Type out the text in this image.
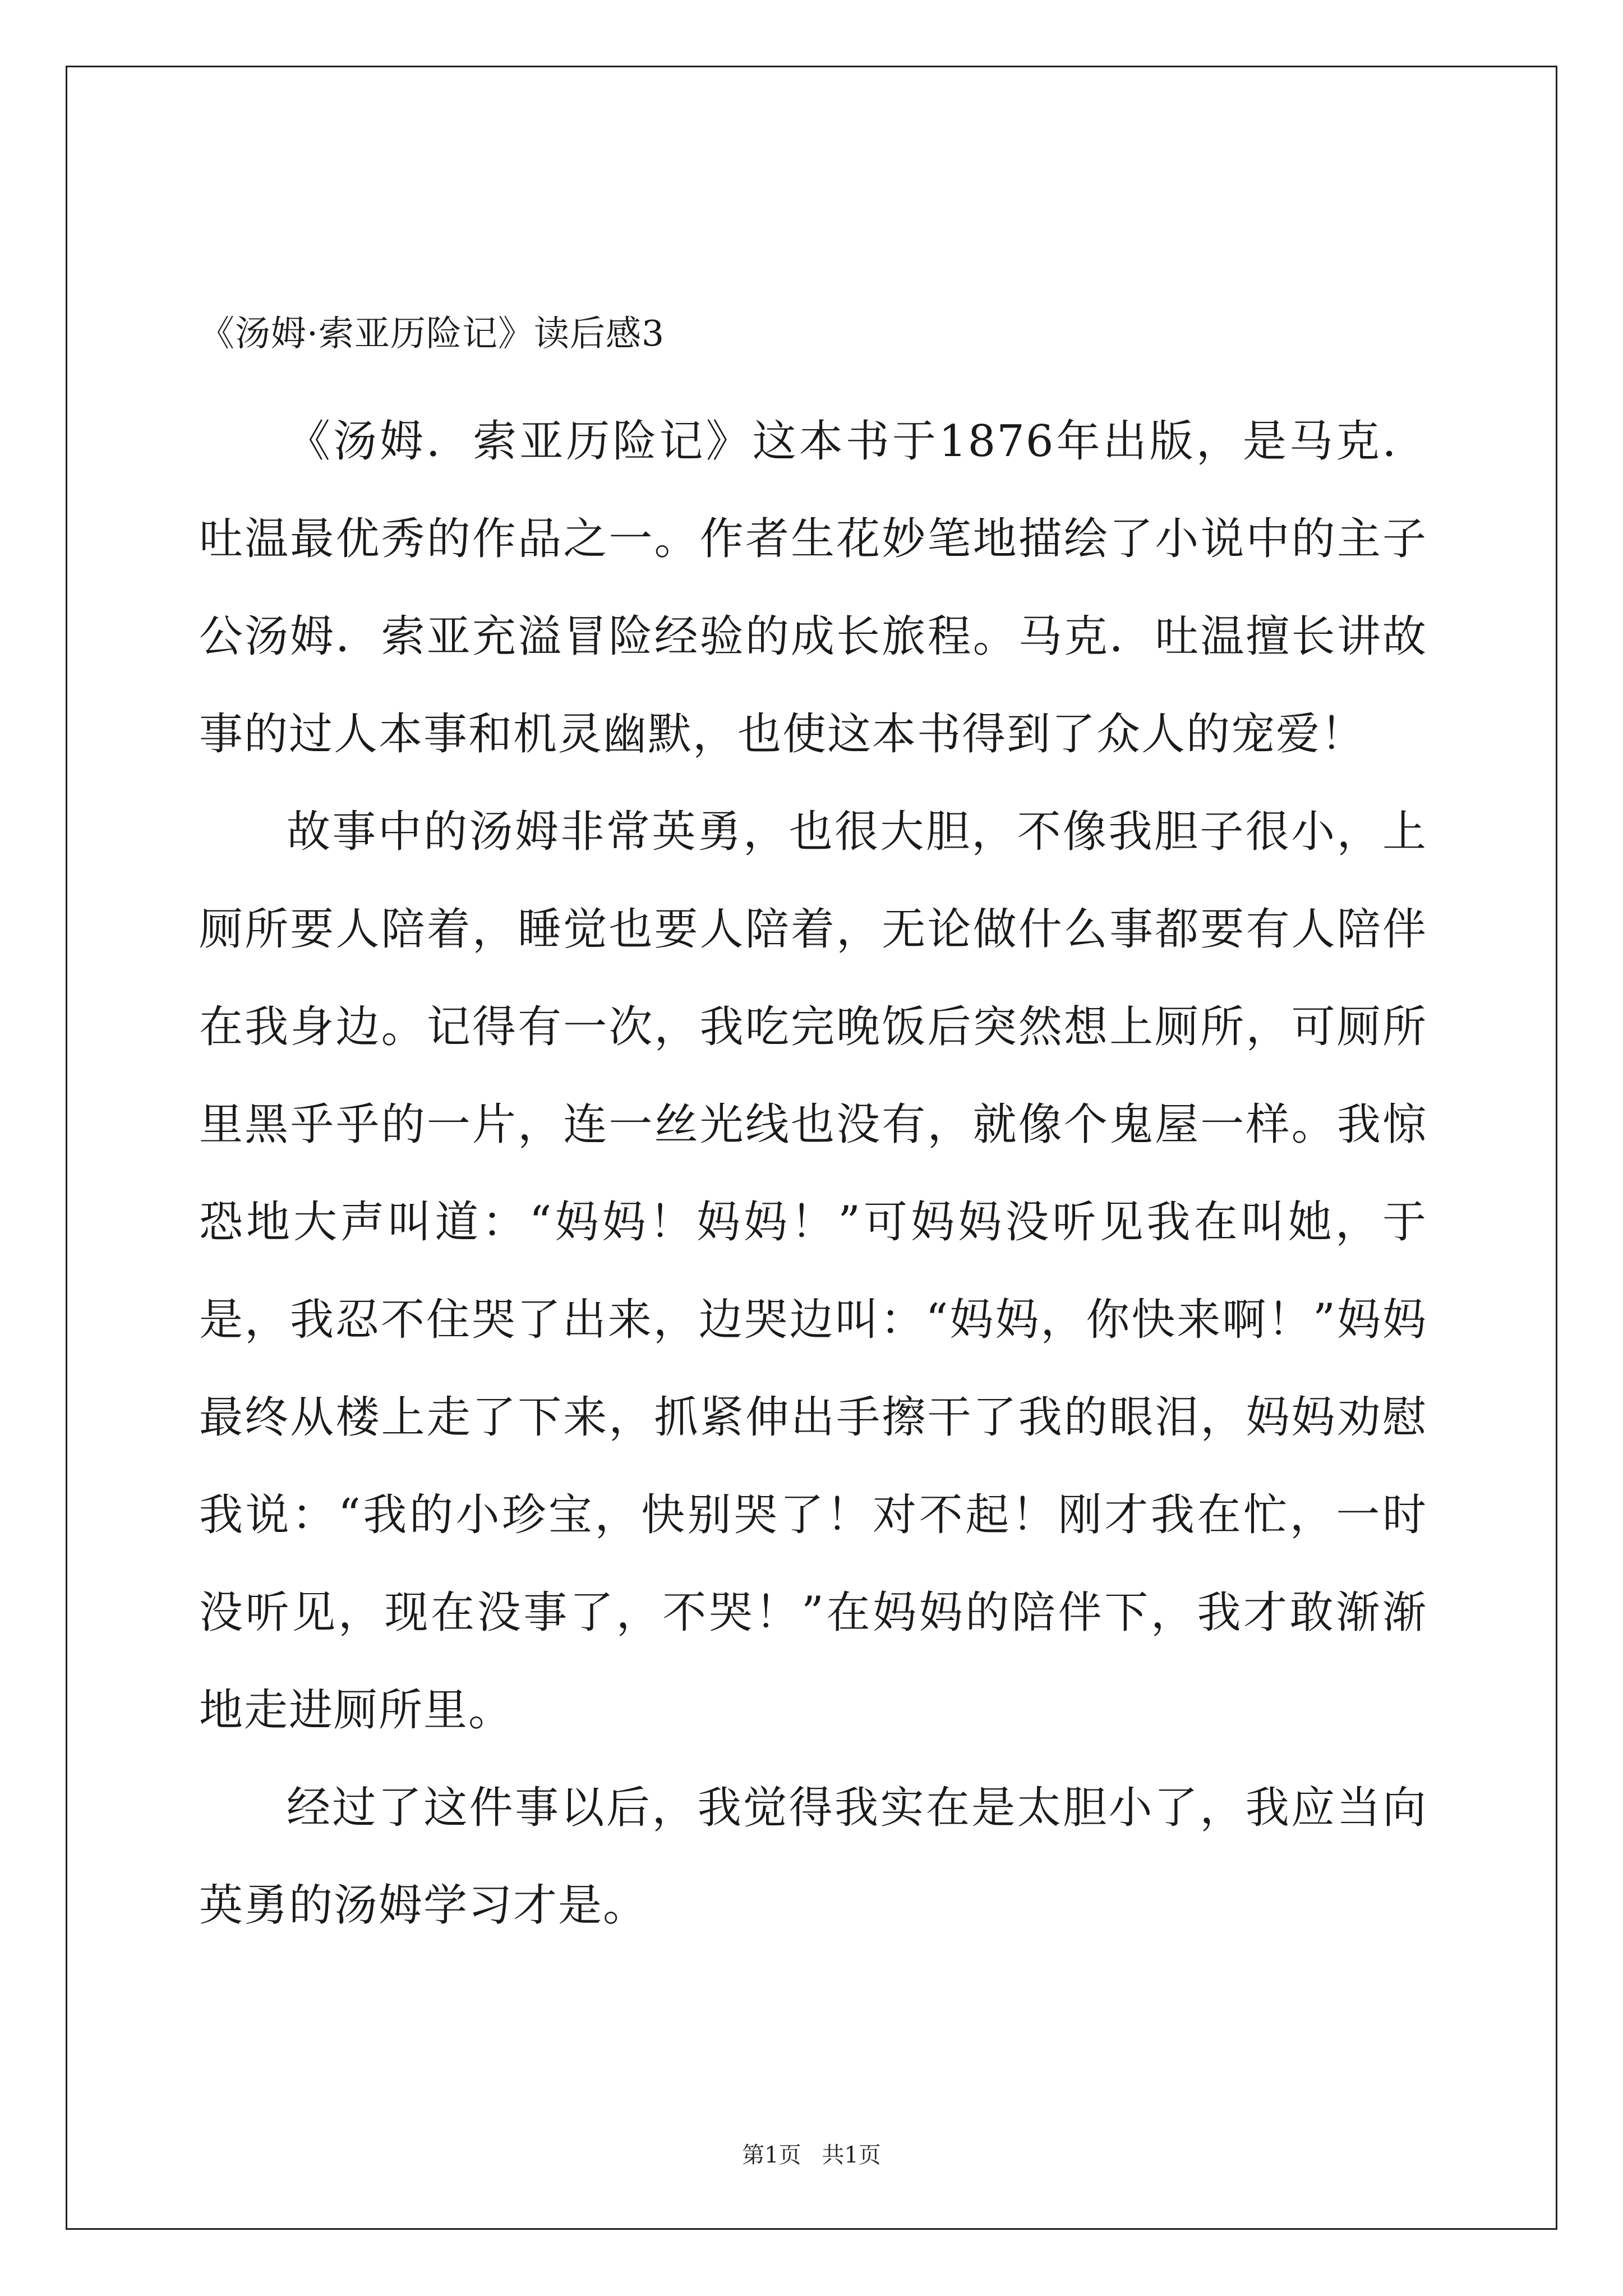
《汤姆·索亚历险记》读后感3

《汤姆．索亚历险记》这本书于1876年出版，是马克．吐温最优秀的作品之一。作者生花妙笔地描绘了小说中的主子公汤姆．索亚充溢冒险经验的成长旅程。马克．吐温擅长讲故事的过人本事和机灵幽默，也使这本书得到了众人的宠爱！

故事中的汤姆非常英勇，也很大胆，不像我胆子很小，上厕所要人陪着，睡觉也要人陪着，无论做什么事都要有人陪伴在我身边。记得有一次，我吃完晚饭后突然想上厕所，可厕所里黑乎乎的一片，连一丝光线也没有，就像个鬼屋一样。我惊恐地大声叫道：“妈妈！妈妈！”可妈妈没听见我在叫她，于是，我忍不住哭了出来，边哭边叫：“妈妈，你快来啊！”妈妈最终从楼上走了下来，抓紧伸出手擦干了我的眼泪，妈妈劝慰我说：“我的小珍宝，快别哭了！对不起！刚才我在忙，一时没听见，现在没事了，不哭！”在妈妈的陪伴下，我才敢渐渐地走进厕所里。

经过了这件事以后，我觉得我实在是太胆小了，我应当向英勇的汤姆学习才是。

第1页 共1页
